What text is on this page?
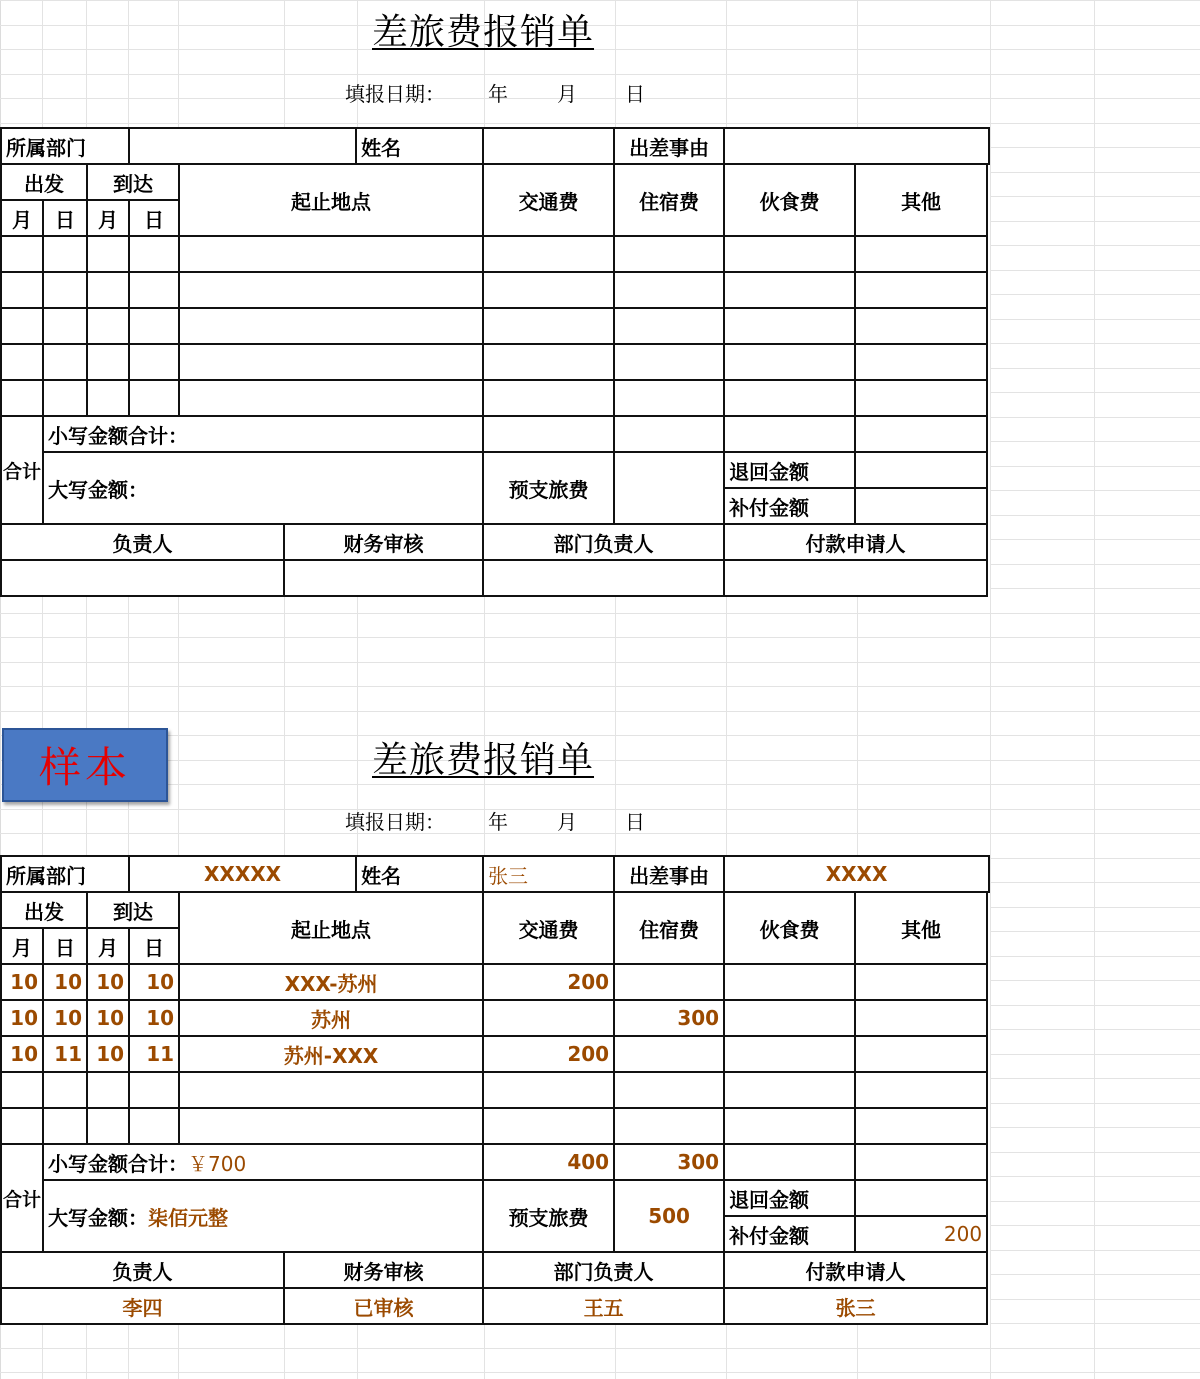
差旅费报销单
填报日期： 年 月 日
所属部门						姓名		出差事由		
出发		到达		起止地点			交通费	住宿费	伙食费	其他
月	日	月	日							

合计	小写金额合计：									
	大写金额：						预支旅费		退回金额	
									补付金额	
负责人					财务审核		部门负责人		付款申请人	

样本	差旅费报销单
填报日期： 年 月 日
所属部门			XXXXX			姓名	张三	出差事由	XXXX	
出发		到达		起止地点			交通费	住宿费	伙食费	其他
月	日	月	日							
10	10	10	10	XXX-苏州			200			
10	10	10	10	苏州				300		
10	11	10	11	苏州-XXX			200			

合计	小写金额合计：￥700						400	300		
	大写金额：柒佰元整						预支旅费	500	退回金额	
									补付金额	200
负责人					财务审核		部门负责人		付款申请人	
李四					已审核		王五		张三	
